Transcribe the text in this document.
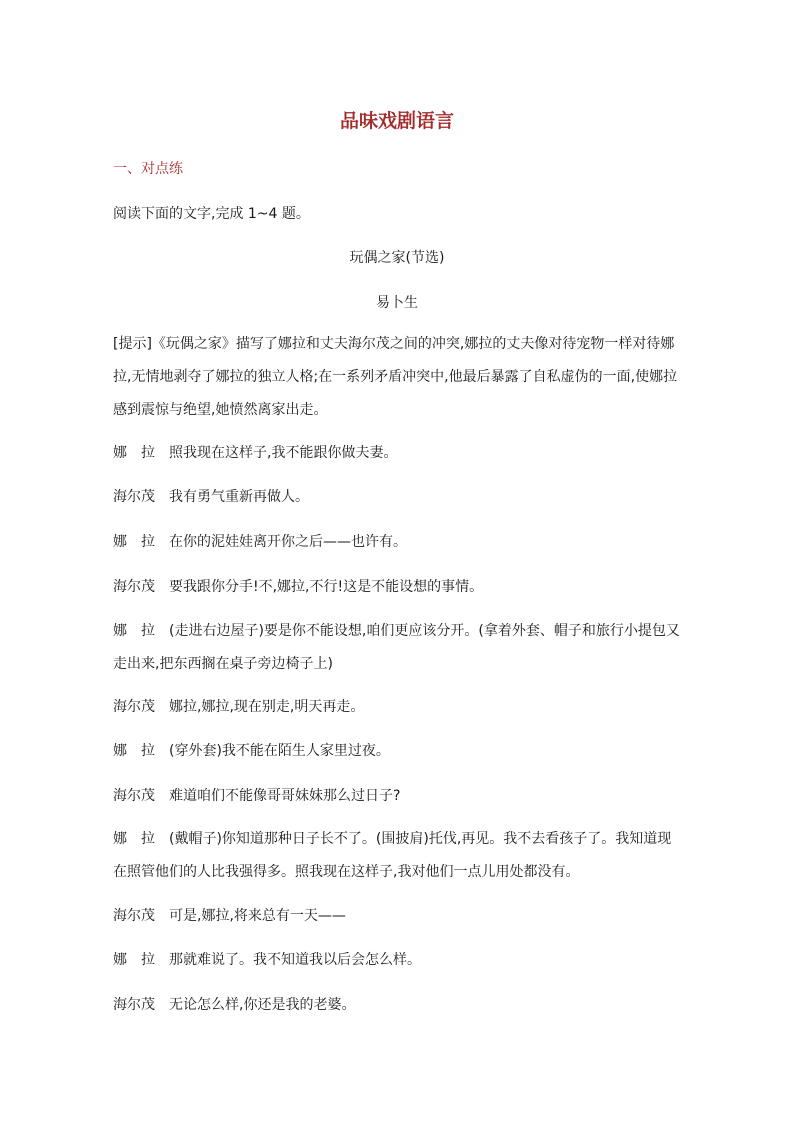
品味戏剧语言
一、对点练
阅读下面的文字,完成 1~4 题。
玩偶之家(节选)
易卜生
[提示]《玩偶之家》描写了娜拉和丈夫海尔茂之间的冲突,娜拉的丈夫像对待宠物一样对待娜拉,无情地剥夺了娜拉的独立人格;在一系列矛盾冲突中,他最后暴露了自私虚伪的一面,使娜拉感到震惊与绝望,她愤然离家出走。
娜　拉 照我现在这样子,我不能跟你做夫妻。
海尔茂 我有勇气重新再做人。
娜　拉 在你的泥娃娃离开你之后——也许有。
海尔茂 要我跟你分手!不,娜拉,不行!这是不能设想的事情。
娜　拉 (走进右边屋子)要是你不能设想,咱们更应该分开。(拿着外套、帽子和旅行小提包又走出来,把东西搁在桌子旁边椅子上)
海尔茂 娜拉,娜拉,现在别走,明天再走。
娜　拉 (穿外套)我不能在陌生人家里过夜。
海尔茂 难道咱们不能像哥哥妹妹那么过日子?
娜　拉 (戴帽子)你知道那种日子长不了。(围披肩)托伐,再见。我不去看孩子了。我知道现在照管他们的人比我强得多。照我现在这样子,我对他们一点儿用处都没有。
海尔茂 可是,娜拉,将来总有一天——
娜　拉 那就难说了。我不知道我以后会怎么样。
海尔茂 无论怎么样,你还是我的老婆。
